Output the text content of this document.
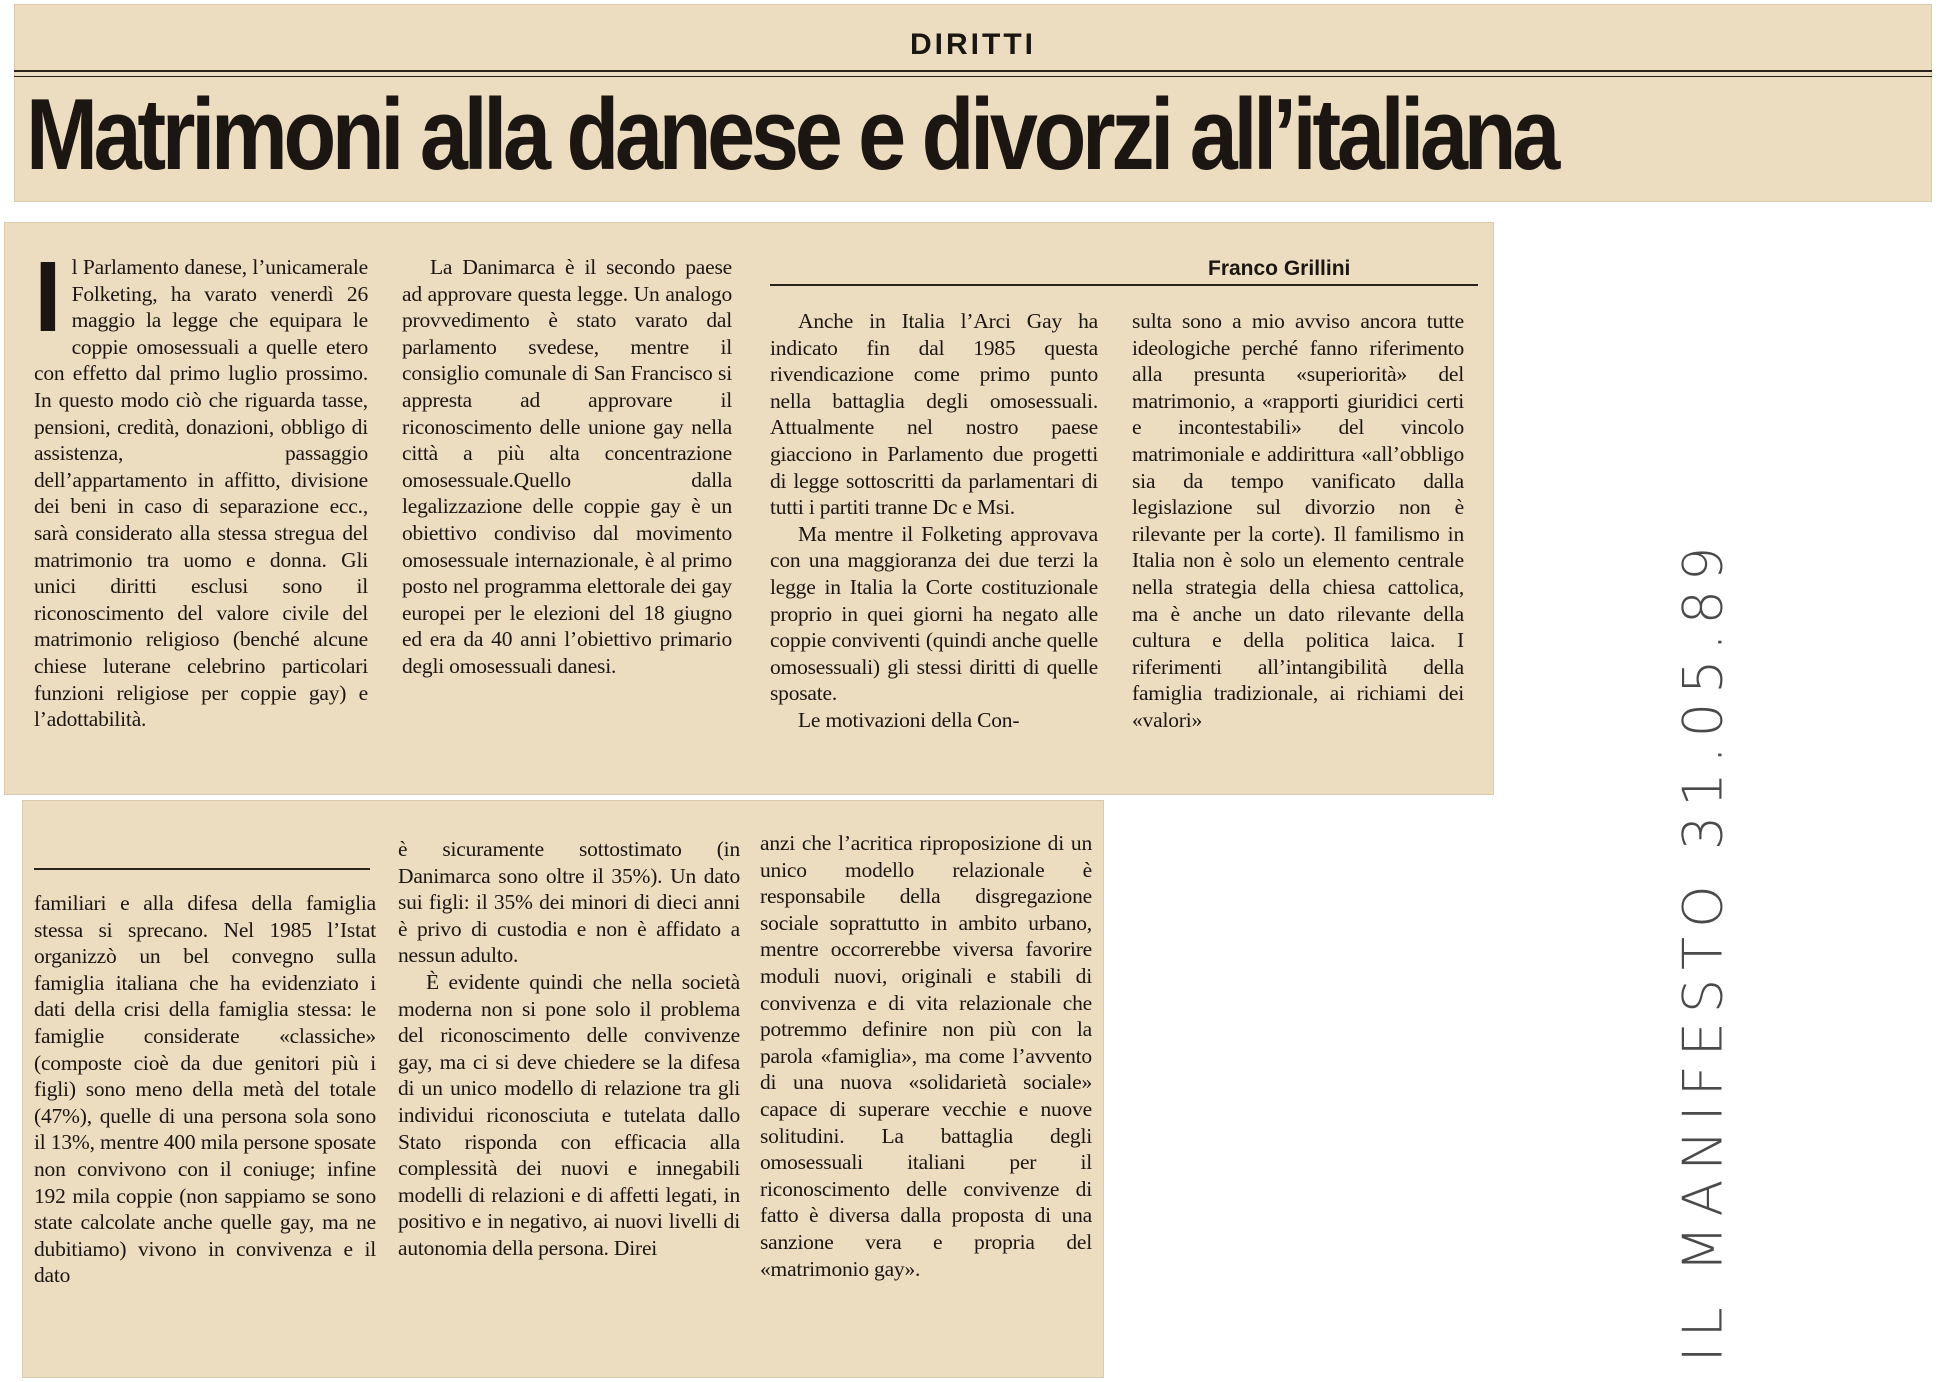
DIRITTI
Matrimoni alla danese e divorzi all’italiana
Franco Grillini

Il Parlamento danese, l’unicamerale Folketing, ha varato venerdì 26 maggio la legge che equipara le coppie omosessuali a quelle etero con effetto dal primo luglio prossimo. In questo modo ciò che riguarda tasse, pensioni, credità, donazioni, obbligo di assistenza, passaggio dell’appartamento in affitto, divisione dei beni in caso di separazione ecc., sarà considerato alla stessa stregua del matrimonio tra uomo e donna. Gli unici diritti esclusi sono il riconoscimento del valore civile del matrimonio religioso (benché alcune chiese luterane celebrino particolari funzioni religiose per coppie gay) e l’adottabilità.

La Danimarca è il secondo paese ad approvare questa legge. Un analogo provvedimento è stato varato dal parlamento svedese, mentre il consiglio comunale di San Francisco si appresta ad approvare il riconoscimento delle unione gay nella città a più alta concentrazione omosessuale.Quello dalla legalizzazione delle coppie gay è un obiettivo condiviso dal movimento omosessuale internazionale, è al primo posto nel programma elettorale dei gay europei per le elezioni del 18 giugno ed era da 40 anni l’obiettivo primario degli omosessuali danesi.

Anche in Italia l’Arci Gay ha indicato fin dal 1985 questa rivendicazione come primo punto nella battaglia degli omosessuali. Attualmente nel nostro paese giacciono in Parlamento due progetti di legge sottoscritti da parlamentari di tutti i partiti tranne Dc e Msi.

Ma mentre il Folketing approvava con una maggioranza dei due terzi la legge in Italia la Corte costituzionale proprio in quei giorni ha negato alle coppie conviventi (quindi anche quelle omosessuali) gli stessi diritti di quelle sposate.

Le motivazioni della Con-

sulta sono a mio avviso ancora tutte ideologiche perché fanno riferimento alla presunta «superiorità» del matrimonio, a «rapporti giuridici certi e incontestabili» del vincolo matrimoniale e addirittura «all’obbligo sia da tempo vanificato dalla legislazione sul divorzio non è rilevante per la corte). Il familismo in Italia non è solo un elemento centrale nella strategia della chiesa cattolica, ma è anche un dato rilevante della cultura e della politica laica. I riferimenti all’intangibilità della famiglia tradizionale, ai richiami dei «valori»

familiari e alla difesa della famiglia stessa si sprecano. Nel 1985 l’Istat organizzò un bel convegno sulla famiglia italiana che ha evidenziato i dati della crisi della famiglia stessa: le famiglie considerate «classiche» (composte cioè da due genitori più i figli) sono meno della metà del totale (47%), quelle di una persona sola sono il 13%, mentre 400 mila persone sposate non convivono con il coniuge; infine 192 mila coppie (non sappiamo se sono state calcolate anche quelle gay, ma ne dubitiamo) vivono in convivenza e il dato

è sicuramente sottostimato (in Danimarca sono oltre il 35%). Un dato sui figli: il 35% dei minori di dieci anni è privo di custodia e non è affidato a nessun adulto.

È evidente quindi che nella società moderna non si pone solo il problema del riconoscimento delle convivenze gay, ma ci si deve chiedere se la difesa di un unico modello di relazione tra gli individui riconosciuta e tutelata dallo Stato risponda con efficacia alla complessità dei nuovi e innegabili modelli di relazioni e di affetti legati, in positivo e in negativo, ai nuovi livelli di autonomia della persona. Direi

anzi che l’acritica riproposizione di un unico modello relazionale è responsabile della disgregazione sociale soprattutto in ambito urbano, mentre occorrerebbe viversa favorire moduli nuovi, originali e stabili di convivenza e di vita relazionale che potremmo definire non più con la parola «famiglia», ma come l’avvento di una nuova «solidarietà sociale» capace di superare vecchie e nuove solitudini. La battaglia degli omosessuali italiani per il riconoscimento delle convivenze di fatto è diversa dalla proposta di una sanzione vera e propria del «matrimonio gay».	IL MANIFESTO 31.05.89
